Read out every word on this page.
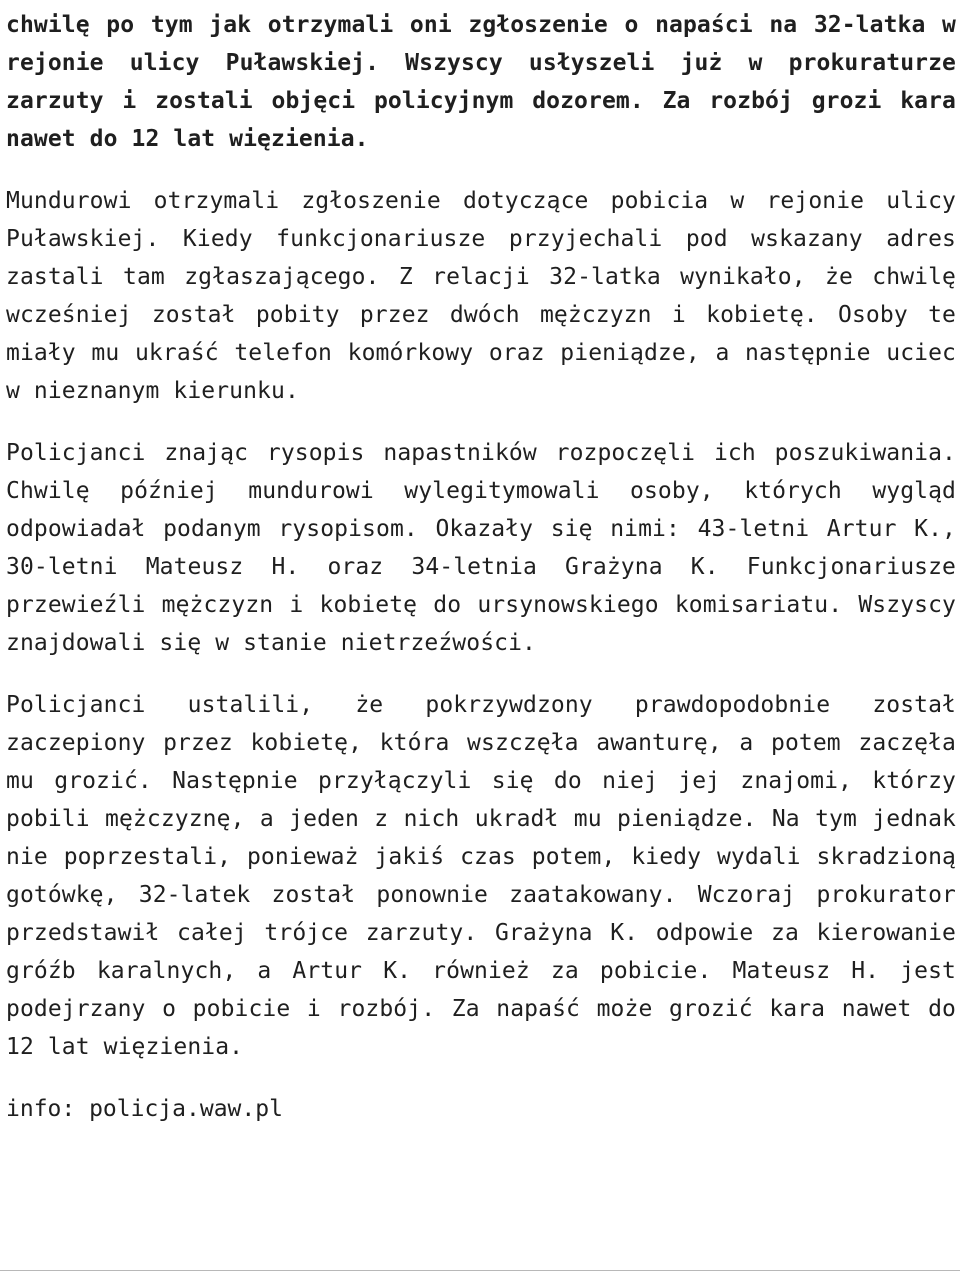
chwilę po tym jak otrzymali oni zgłoszenie o napaści na 32-latka w rejonie ulicy Puławskiej. Wszyscy usłyszeli już w prokuraturze zarzuty i zostali objęci policyjnym dozorem. Za rozbój grozi kara nawet do 12 lat więzienia.

Mundurowi otrzymali zgłoszenie dotyczące pobicia w rejonie ulicy Puławskiej. Kiedy funkcjonariusze przyjechali pod wskazany adres zastali tam zgłaszającego. Z relacji 32-latka wynikało, że chwilę wcześniej został pobity przez dwóch mężczyzn i kobietę. Osoby te miały mu ukraść telefon komórkowy oraz pieniądze, a następnie uciec w nieznanym kierunku.

Policjanci znając rysopis napastników rozpoczęli ich poszukiwania. Chwilę później mundurowi wylegitymowali osoby, których wygląd odpowiadał podanym rysopisom. Okazały się nimi: 43-letni Artur K., 30-letni Mateusz H. oraz 34-letnia Grażyna K. Funkcjonariusze przewieźli mężczyzn i kobietę do ursynowskiego komisariatu. Wszyscy znajdowali się w stanie nietrzeźwości.

Policjanci ustalili, że pokrzywdzony prawdopodobnie został zaczepiony przez kobietę, która wszczęła awanturę, a potem zaczęła mu grozić. Następnie przyłączyli się do niej jej znajomi, którzy pobili mężczyznę, a jeden z nich ukradł mu pieniądze. Na tym jednak nie poprzestali, ponieważ jakiś czas potem, kiedy wydali skradzioną gotówkę, 32-latek został ponownie zaatakowany. Wczoraj prokurator przedstawił całej trójce zarzuty. Grażyna K. odpowie za kierowanie gróźb karalnych, a Artur K. również za pobicie. Mateusz H. jest podejrzany o pobicie i rozbój. Za napaść może grozić kara nawet do 12 lat więzienia.

info: policja.waw.pl
